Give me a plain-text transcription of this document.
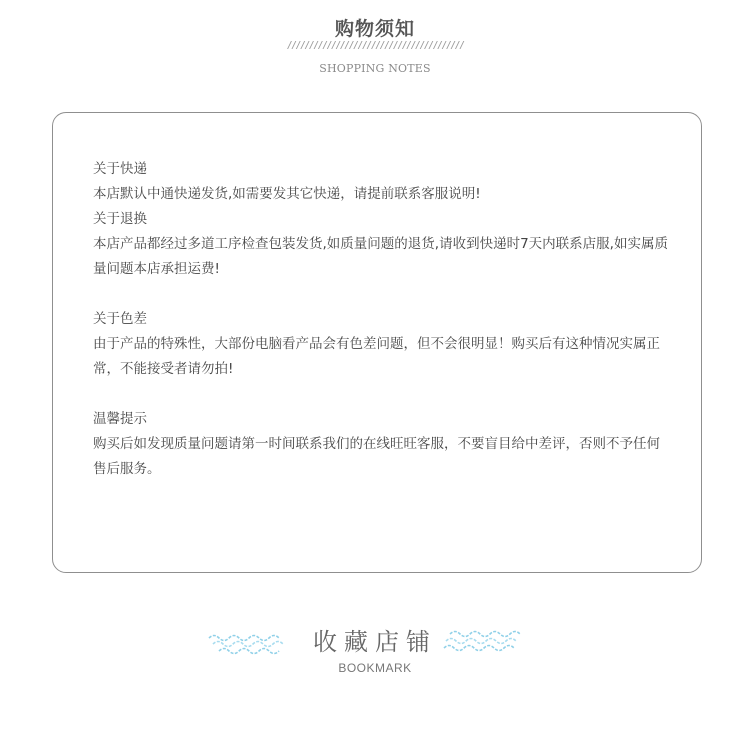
购物须知
////////////////////////////////////////
SHOPPING NOTES
关于快递
本店默认中通快递发货,如需要发其它快递，请提前联系客服说明!
关于退换
本店产品都经过多道工序检查包装发货,如质量问题的退货,请收到快递时7天内联系店服,如实属质量问题本店承担运费!
关于色差
由于产品的特殊性，大部份电脑看产品会有色差问题，但不会很明显！购买后有这种情况实属正常，不能接受者请勿拍!
温馨提示
购买后如发现质量问题请第一时间联系我们的在线旺旺客服，不要盲目给中差评，否则不予任何售后服务。
收藏店铺
BOOKMARK
